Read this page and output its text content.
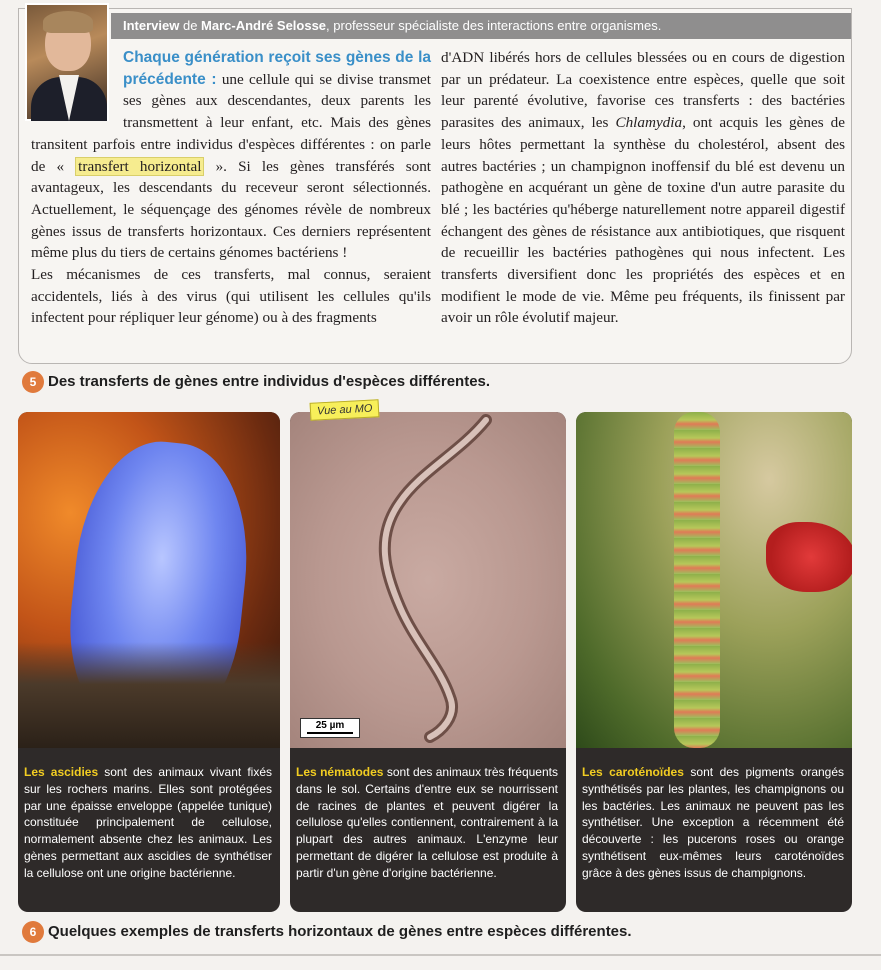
Interview de Marc-André Selosse, professeur spécialiste des interactions entre organismes.
Chaque génération reçoit ses gènes de la précédente : une cellule qui se divise transmet ses gènes aux descendantes, deux parents les transmettent à leur enfant, etc. Mais des gènes transitent parfois entre individus d'espèces différentes : on parle de « transfert horizontal ». Si les gènes transférés sont avantageux, les descendants du receveur seront sélectionnés. Actuellement, le séquençage des génomes révèle de nombreux gènes issus de transferts horizontaux. Ces derniers représentent même plus du tiers de certains génomes bactériens !
Les mécanismes de ces transferts, mal connus, seraient accidentels, liés à des virus (qui utilisent les cellules qu'ils infectent pour répliquer leur génome) ou à des fragments
d'ADN libérés hors de cellules blessées ou en cours de digestion par un prédateur. La coexistence entre espèces, quelle que soit leur parenté évolutive, favorise ces transferts : des bactéries parasites des animaux, les Chlamydia, ont acquis les gènes de leurs hôtes permettant la synthèse du cholestérol, absent des autres bactéries ; un champignon inoffensif du blé est devenu un pathogène en acquérant un gène de toxine d'un autre parasite du blé ; les bactéries qu'héberge naturellement notre appareil digestif échangent des gènes de résistance aux antibiotiques, que risquent de recueillir les bactéries pathogènes qui nous infectent. Les transferts diversifient donc les propriétés des espèces et en modifient le mode de vie. Même peu fréquents, ils finissent par avoir un rôle évolutif majeur.
5 Des transferts de gènes entre individus d'espèces différentes.
Vue au MO
Les ascidies sont des animaux vivant fixés sur les rochers marins. Elles sont protégées par une épaisse enveloppe (appelée tunique) constituée principalement de cellulose, normalement absente chez les animaux. Les gènes permettant aux ascidies de synthétiser la cellulose ont une origine bactérienne.
25 µm
Les nématodes sont des animaux très fréquents dans le sol. Certains d'entre eux se nourrissent de racines de plantes et peuvent digérer la cellulose qu'elles contiennent, contrairement à la plupart des autres animaux. L'enzyme leur permettant de digérer la cellulose est produite à partir d'un gène d'origine bactérienne.
Les caroténoïdes sont des pigments orangés synthétisés par les plantes, les champignons ou les bactéries. Les animaux ne peuvent pas les synthétiser. Une exception a récemment été découverte : les pucerons roses ou orange synthétisent eux-mêmes leurs caroténoïdes grâce à des gènes issus de champignons.
6 Quelques exemples de transferts horizontaux de gènes entre espèces différentes.
